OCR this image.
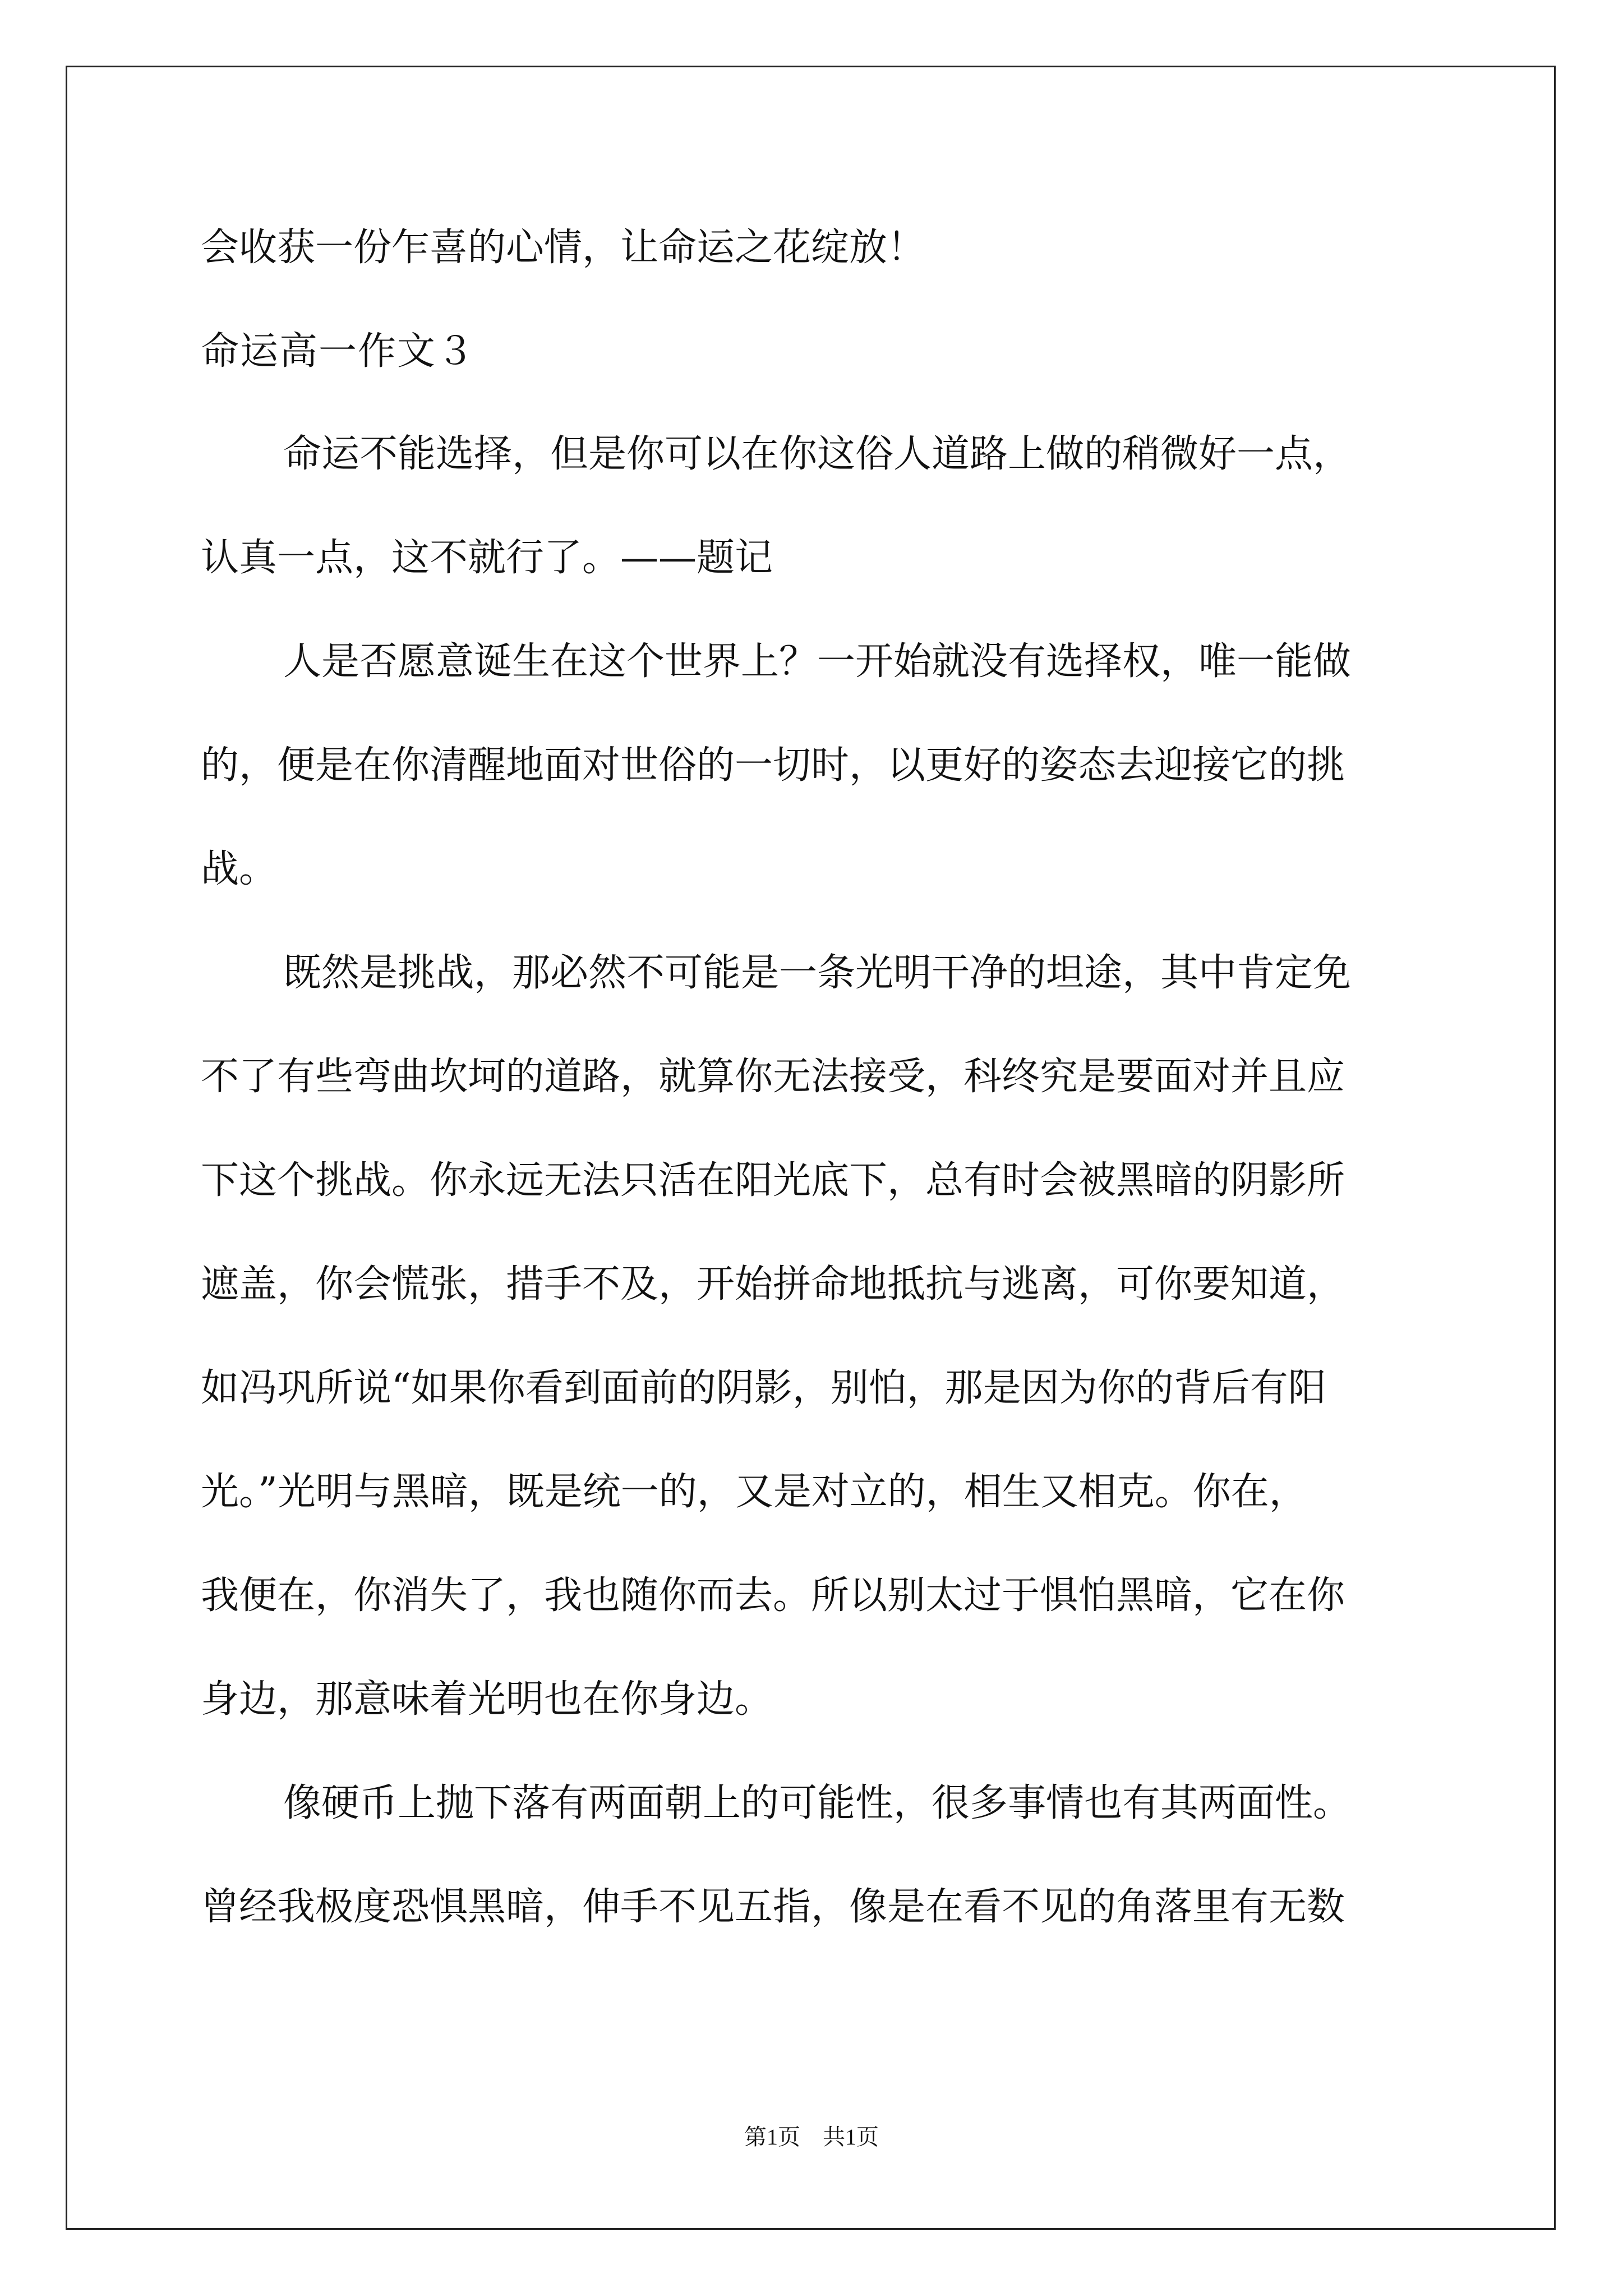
会收获一份乍喜的心情，让命运之花绽放！
命运高一作文３
命运不能选择，但是你可以在你这俗人道路上做的稍微好一点，
认真一点，这不就行了。——题记
人是否愿意诞生在这个世界上？一开始就没有选择权，唯一能做
的，便是在你清醒地面对世俗的一切时，以更好的姿态去迎接它的挑
战。
既然是挑战，那必然不可能是一条光明干净的坦途，其中肯定免
不了有些弯曲坎坷的道路，就算你无法接受，科终究是要面对并且应
下这个挑战。你永远无法只活在阳光底下，总有时会被黑暗的阴影所
遮盖，你会慌张，措手不及，开始拼命地抵抗与逃离，可你要知道，
如冯巩所说“如果你看到面前的阴影，别怕，那是因为你的背后有阳
光。”光明与黑暗，既是统一的，又是对立的，相生又相克。你在，
我便在，你消失了，我也随你而去。所以别太过于惧怕黑暗，它在你
身边，那意味着光明也在你身边。
像硬币上抛下落有两面朝上的可能性，很多事情也有其两面性。
曾经我极度恐惧黑暗，伸手不见五指，像是在看不见的角落里有无数
第1页　共1页
